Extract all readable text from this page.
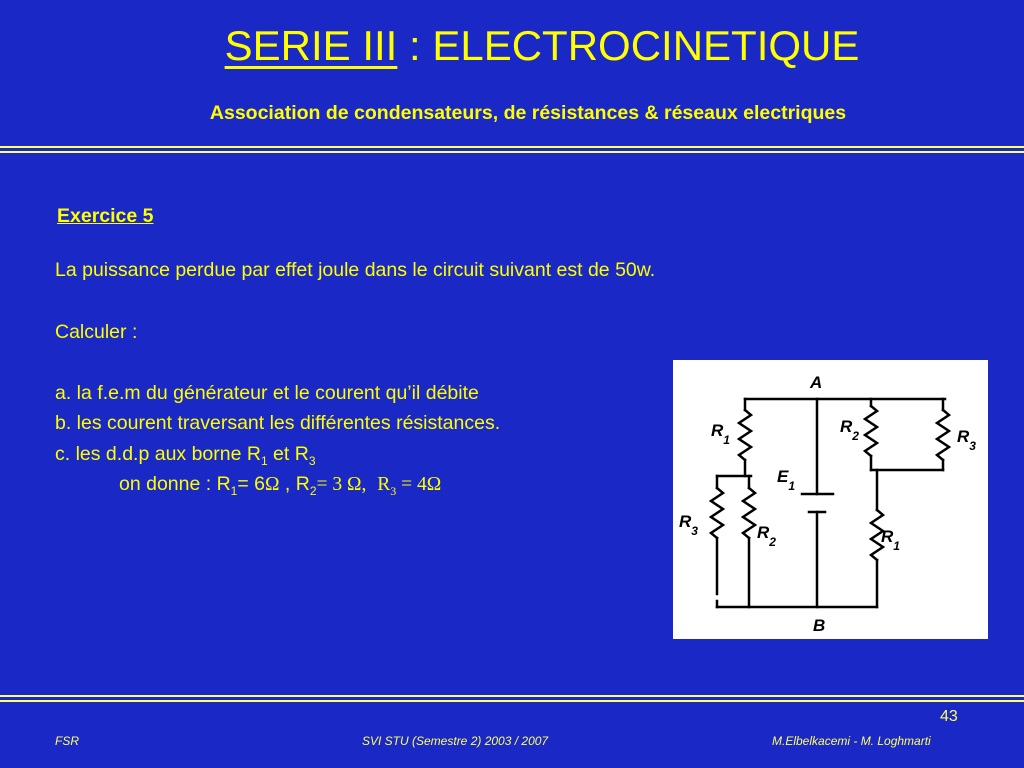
SERIE III : ELECTROCINETIQUE
Association de condensateurs, de résistances & réseaux electriques
Exercice 5
La puissance perdue par effet joule dans le circuit suivant est de 50w.
Calculer :
a. la f.e.m du générateur et le courent qu’il débite
b. les courent traversant les différentes résistances.
c. les d.d.p aux borne $R_1$ et $R_3$
on donne : $R_1= 6\Omega$ , $R_2= 3$ Ω, $R_3 = 4\Omega$
A
B
$E_1$
$R_1$
$R_2$	$R_3$
$R_3$	$R_2$	$R_1$
43
FSR	SVI STU (Semestre 2) 2003 / 2007	M.Elbelkacemi - M. Loghmarti
